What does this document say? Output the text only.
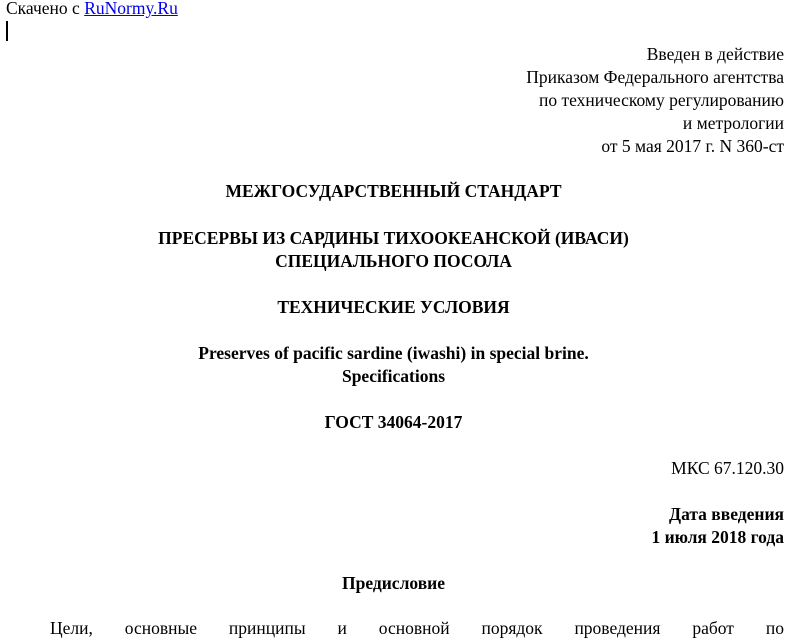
Скачено с RuNormy.Ru
Введен в действие
Приказом Федерального агентства
по техническому регулированию
и метрологии
от 5 мая 2017 г. N 360-ст
МЕЖГОСУДАРСТВЕННЫЙ СТАНДАРТ
ПРЕСЕРВЫ ИЗ САРДИНЫ ТИХООКЕАНСКОЙ (ИВАСИ)
СПЕЦИАЛЬНОГО ПОСОЛА
ТЕХНИЧЕСКИЕ УСЛОВИЯ
Preserves of pacific sardine (iwashi) in special brine.
Specifications
ГОСТ 34064-2017
МКС 67.120.30
Дата введения
1 июля 2018 года
Предисловие
Цели, основные принципы и основной порядок проведения работ по
